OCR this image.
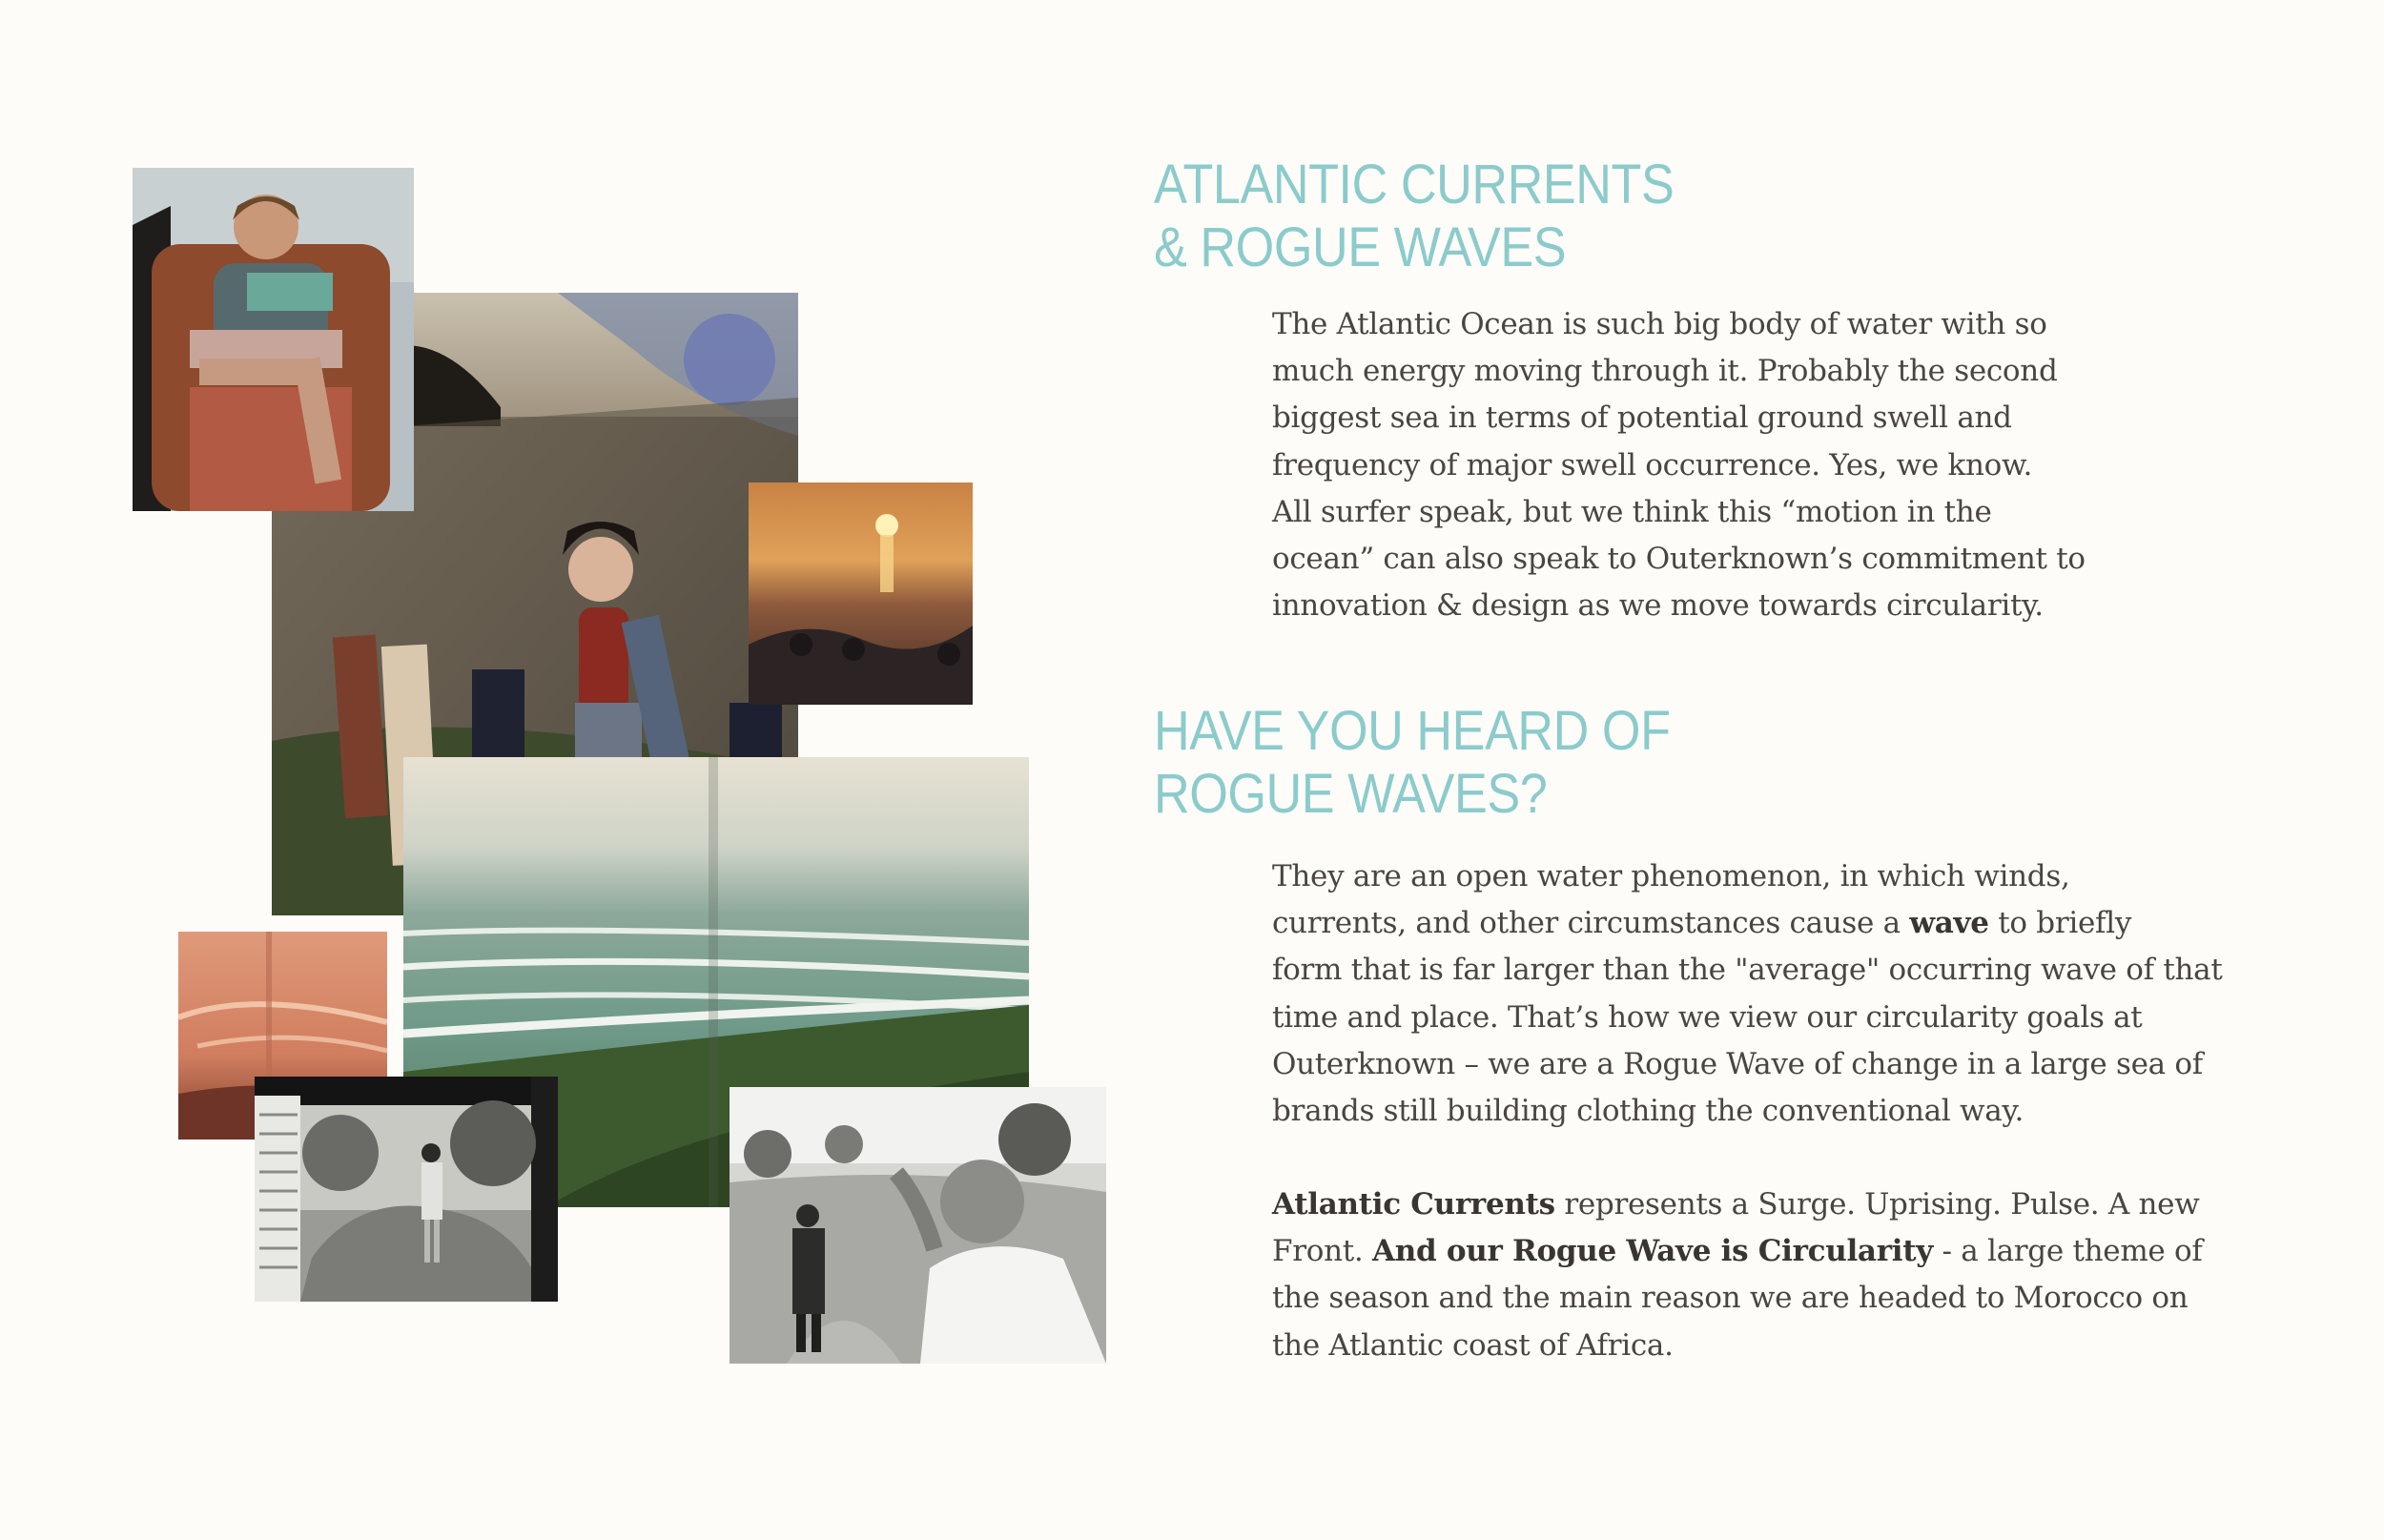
ATLANTIC CURRENTS
& ROGUE WAVES

The Atlantic Ocean is such big body of water with so
much energy moving through it. Probably the second
biggest sea in terms of potential ground swell and
frequency of major swell occurrence. Yes, we know.
All surfer speak, but we think this “motion in the
ocean” can also speak to Outerknown’s commitment to
innovation & design as we move towards circularity.

HAVE YOU HEARD OF
ROGUE WAVES?

They are an open water phenomenon, in which winds,
currents, and other circumstances cause a wave to briefly
form that is far larger than the "average" occurring wave of that
time and place. That’s how we view our circularity goals at
Outerknown – we are a Rogue Wave of change in a large sea of
brands still building clothing the conventional way.

Atlantic Currents represents a Surge. Uprising. Pulse. A new
Front. And our Rogue Wave is Circularity - a large theme of
the season and the main reason we are headed to Morocco on
the Atlantic coast of Africa.
